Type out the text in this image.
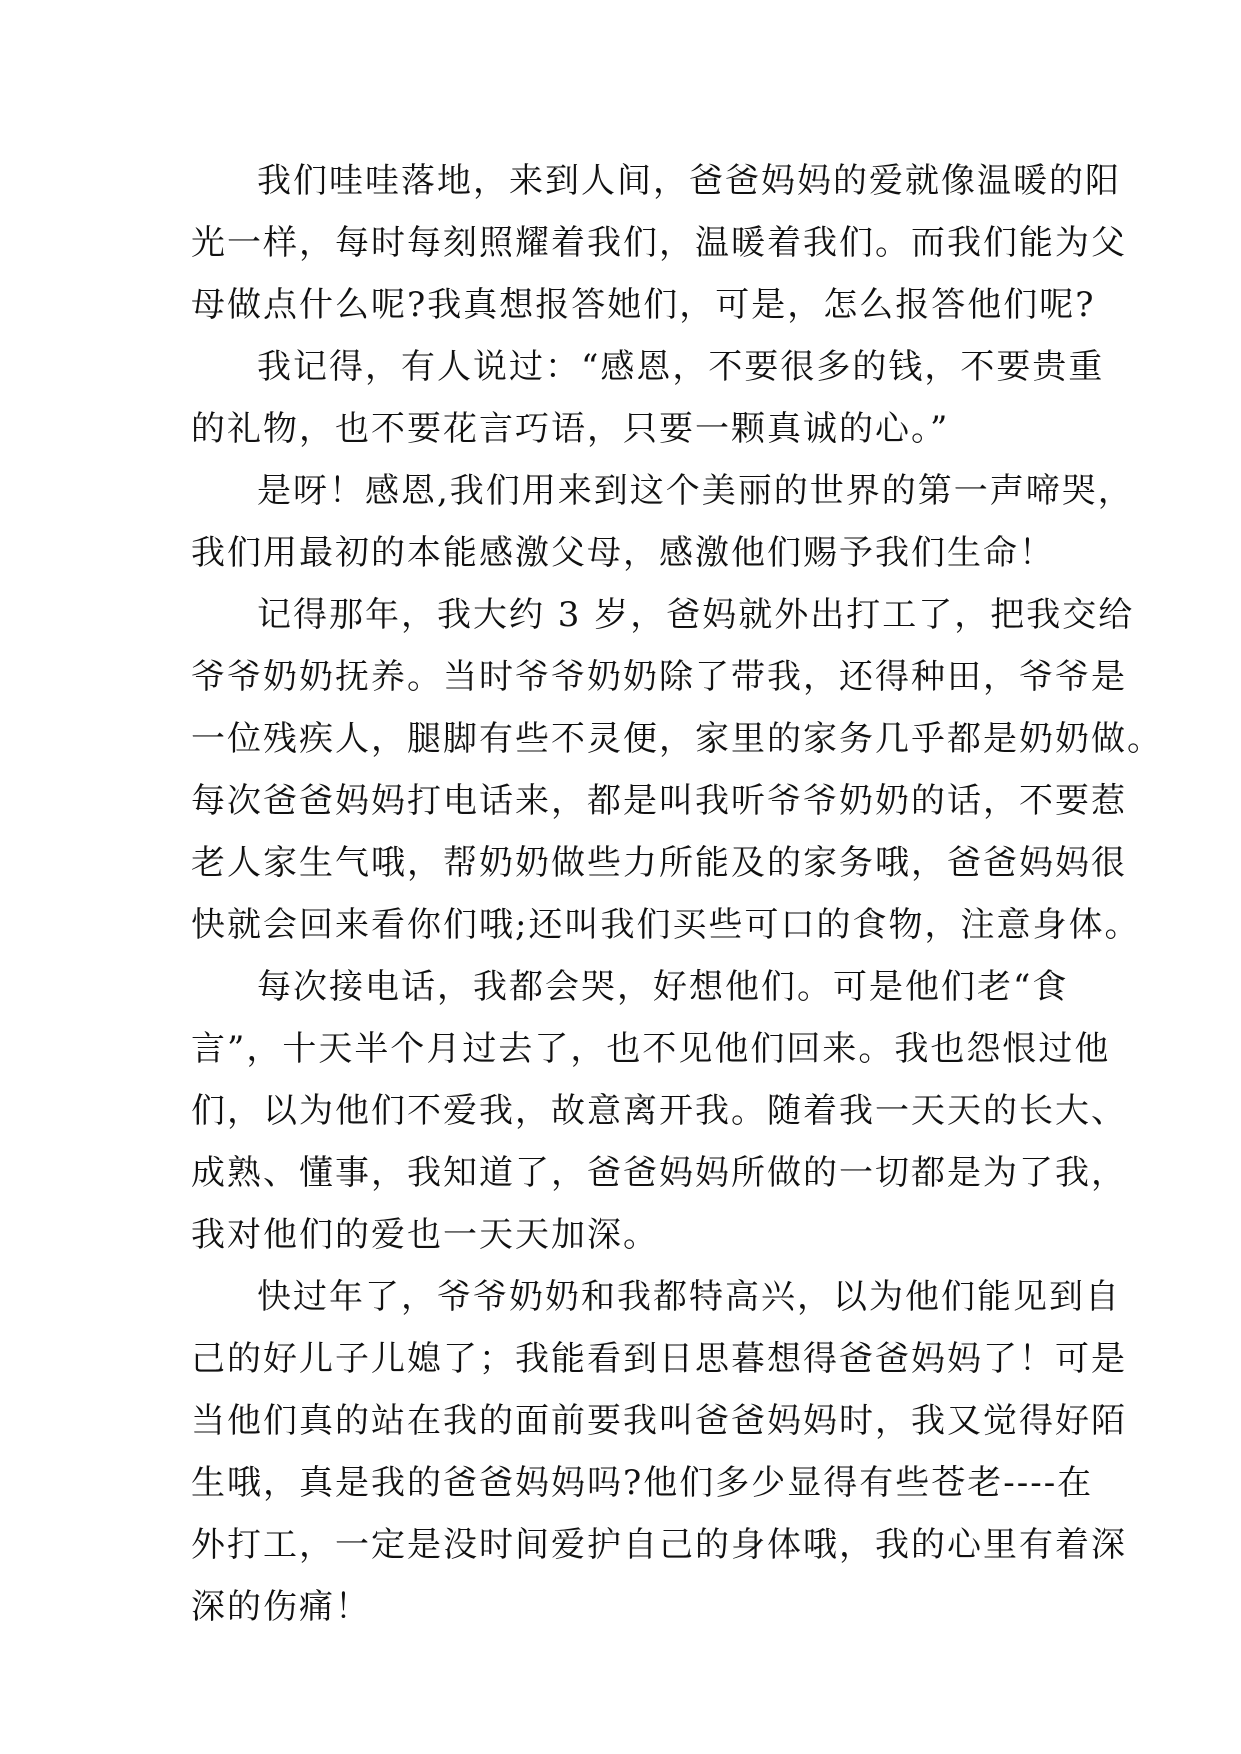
我们哇哇落地，来到人间，爸爸妈妈的爱就像温暖的阳
光一样，每时每刻照耀着我们，温暖着我们。而我们能为父
母做点什么呢?我真想报答她们，可是，怎么报答他们呢?

我记得，有人说过：“感恩，不要很多的钱，不要贵重
的礼物，也不要花言巧语，只要一颗真诚的心。”

是呀！感恩,我们用来到这个美丽的世界的第一声啼哭，
我们用最初的本能感激父母，感激他们赐予我们生命！

记得那年，我大约 3 岁，爸妈就外出打工了，把我交给
爷爷奶奶抚养。当时爷爷奶奶除了带我，还得种田，爷爷是
一位残疾人，腿脚有些不灵便，家里的家务几乎都是奶奶做。
每次爸爸妈妈打电话来，都是叫我听爷爷奶奶的话，不要惹
老人家生气哦，帮奶奶做些力所能及的家务哦，爸爸妈妈很
快就会回来看你们哦;还叫我们买些可口的食物，注意身体。

每次接电话，我都会哭，好想他们。可是他们老“食
言”，十天半个月过去了，也不见他们回来。我也怨恨过他
们，以为他们不爱我，故意离开我。随着我一天天的长大、
成熟、懂事，我知道了，爸爸妈妈所做的一切都是为了我，
我对他们的爱也一天天加深。

快过年了，爷爷奶奶和我都特高兴，以为他们能见到自
己的好儿子儿媳了；我能看到日思暮想得爸爸妈妈了！可是
当他们真的站在我的面前要我叫爸爸妈妈时，我又觉得好陌
生哦，真是我的爸爸妈妈吗?他们多少显得有些苍老----在
外打工，一定是没时间爱护自己的身体哦，我的心里有着深
深的伤痛！
